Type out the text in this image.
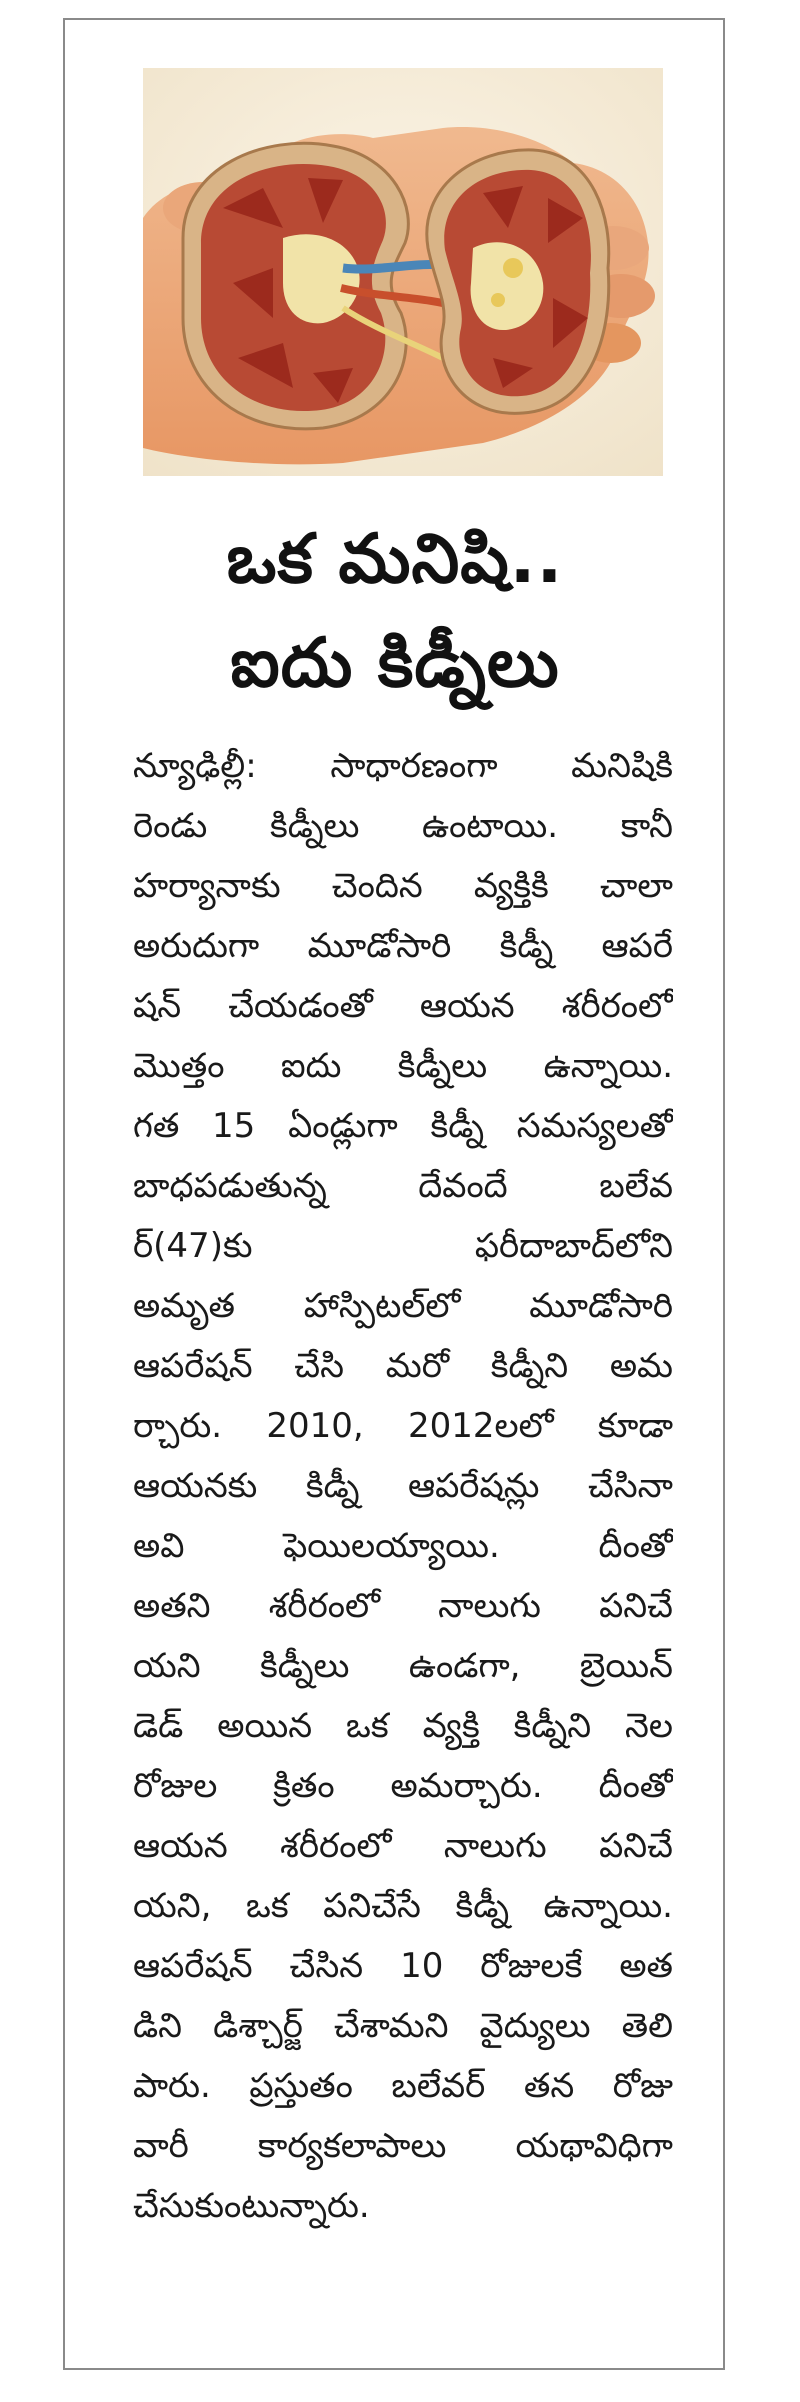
ఒక మనిషి..
ఐదు కిడ్నీలు
న్యూఢిల్లీ: సాధారణంగా మనిషికి
రెండు కిడ్నీలు ఉంటాయి. కానీ
హర్యానాకు చెందిన వ్యక్తికి చాలా
అరుదుగా మూడోసారి కిడ్నీ ఆపరే
షన్ చేయడంతో ఆయన శరీరంలో
మొత్తం ఐదు కిడ్నీలు ఉన్నాయి.
గత 15 ఏండ్లుగా కిడ్నీ సమస్యలతో
బాధపడుతున్న దేవందే బలేవ
ర్(47)కు ఫరీదాబాద్‌లోని
అమృత హాస్పిటల్‌లో మూడోసారి
ఆపరేషన్ చేసి మరో కిడ్నీని అమ
ర్చారు. 2010, 2012లలో కూడా
ఆయనకు కిడ్నీ ఆపరేషన్లు చేసినా
అవి ఫెయిలయ్యాయి. దీంతో
అతని శరీరంలో నాలుగు పనిచే
యని కిడ్నీలు ఉండగా, బ్రెయిన్
డెడ్ అయిన ఒక వ్యక్తి కిడ్నీని నెల
రోజుల క్రితం అమర్చారు. దీంతో
ఆయన శరీరంలో నాలుగు పనిచే
యని, ఒక పనిచేసే కిడ్నీ ఉన్నాయి.
ఆపరేషన్ చేసిన 10 రోజులకే అత
డిని డిశ్చార్జ్ చేశామని వైద్యులు తెలి
పారు. ప్రస్తుతం బలేవర్ తన రోజు
వారీ కార్యకలాపాలు యథావిధిగా
చేసుకుంటున్నారు.
